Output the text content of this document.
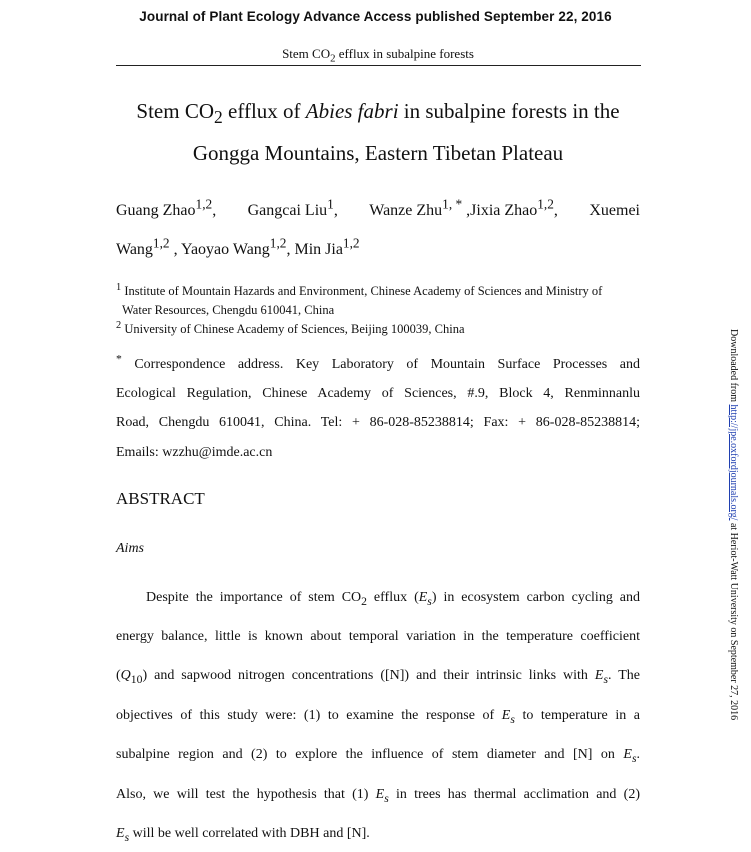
Journal of Plant Ecology Advance Access published September 22, 2016
Stem $CO_2$ efflux in subalpine forests
Stem $CO_2$ efflux of Abies fabri in subalpine forests in the
Gongga Mountains, Eastern Tibetan Plateau
Guang Zhao$^{1,2}$, Gangcai Liu$^1$, Wanze Zhu$^{1, *}$ ,Jixia Zhao$^{1,2}$, Xuemei
Wang$^{1,2}$ , Yaoyao Wang$^{1,2}$, Min Jia$^{1,2}$
$^1$ Institute of Mountain Hazards and Environment, Chinese Academy of Sciences and Ministry of
Water Resources, Chengdu 610041, China
$^2$ University of Chinese Academy of Sciences, Beijing 100039, China
* Correspondence address. Key Laboratory of Mountain Surface Processes and
Ecological Regulation, Chinese Academy of Sciences, #.9, Block 4, Renminnanlu
Road, Chengdu 610041, China. Tel: + 86-028-85238814; Fax: + 86-028-85238814;
Emails: wzzhu@imde.ac.cn
ABSTRACT
Aims
Despite the importance of stem $CO_2$ efflux $(E_s)$ in ecosystem carbon cycling and
energy balance, little is known about temporal variation in the temperature coefficient
$(Q_{10})$ and sapwood nitrogen concentrations ([N]) and their intrinsic links with $E_s$. The
objectives of this study were: (1) to examine the response of $E_s$ to temperature in a
subalpine region and (2) to explore the influence of stem diameter and [N] on $E_s$.
Also, we will test the hypothesis that (1) $E_s$ in trees has thermal acclimation and (2)
$E_s$ will be well correlated with DBH and [N].
Downloaded from http://jpe.oxfordjournals.org/ at Heriot-Watt University on September 27, 2016
